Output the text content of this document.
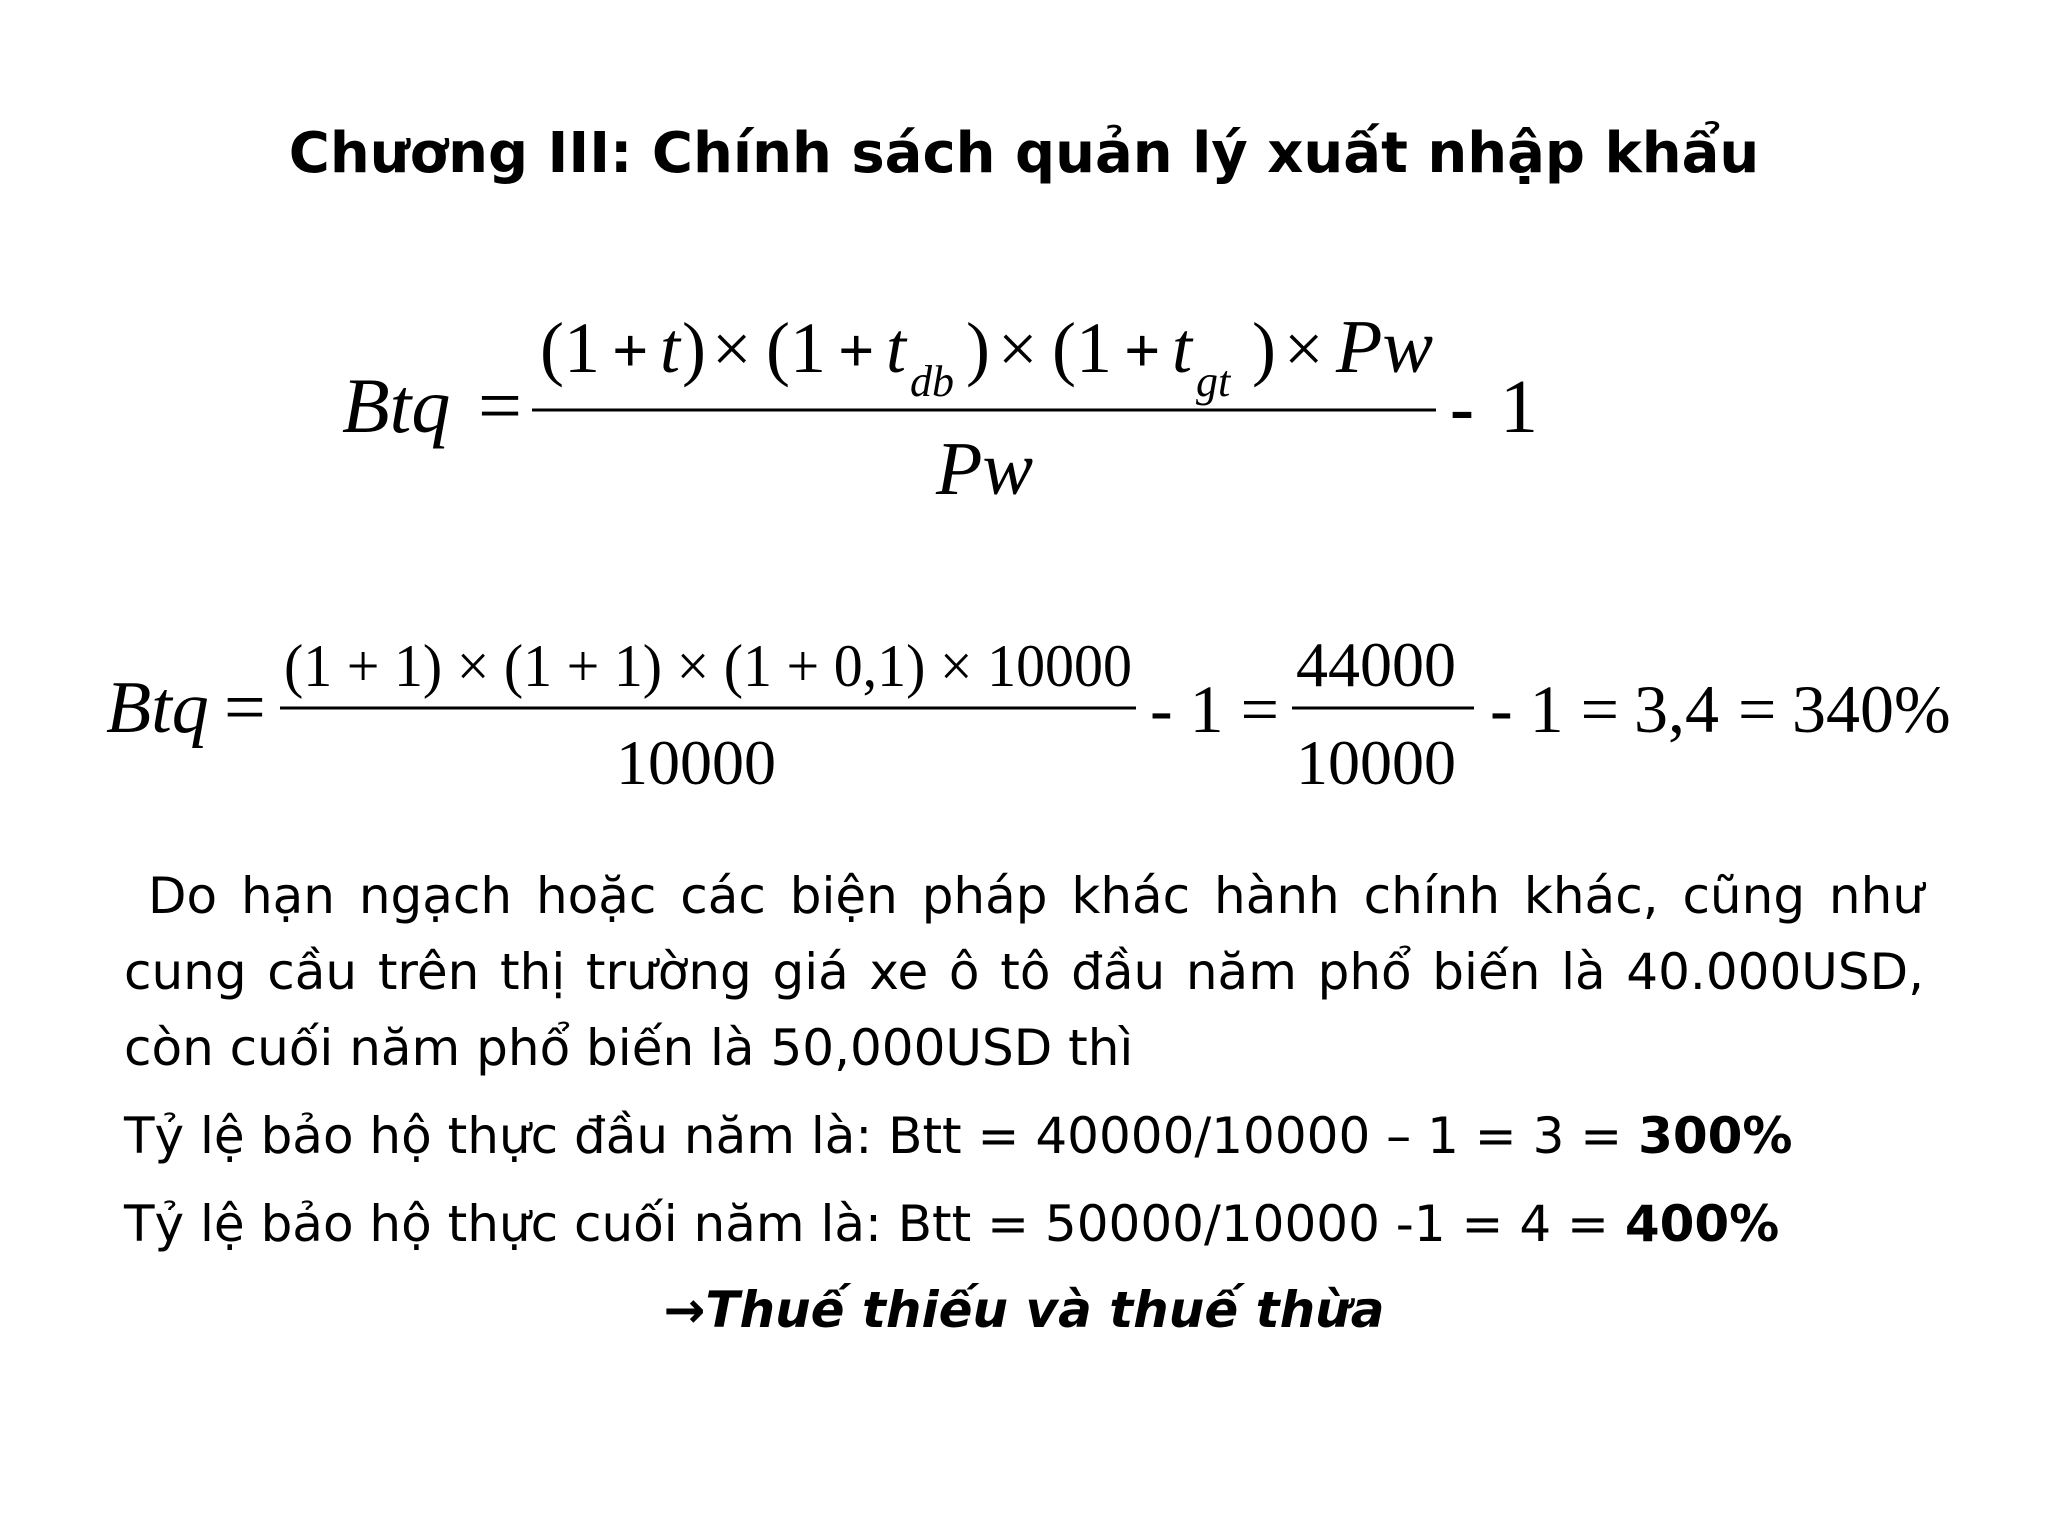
Chương III: Chính sách quản lý xuất nhập khẩu
Btq =
(1 + t ) × (1 + t db ) × (1 + t gt ) × Pw
Pw
- 1
Btq =
(1 + 1) × (1 + 1) × (1 + 0,1) × 10000
10000
- 1 =
44000
10000
- 1 = 3,4 = 340%

Do hạn ngạch hoặc các biện pháp khác hành chính khác, cũng như cung cầu trên thị trường giá xe ô tô đầu năm phổ biến là 40.000USD, còn cuối năm phổ biến là 50,000USD thì

Tỷ lệ bảo hộ thực đầu năm là: Btt = 40000/10000 – 1 = 3 = 300%

Tỷ lệ bảo hộ thực cuối năm là: Btt = 50000/10000 -1 = 4 = 400%

→Thuế thiếu và thuế thừa
